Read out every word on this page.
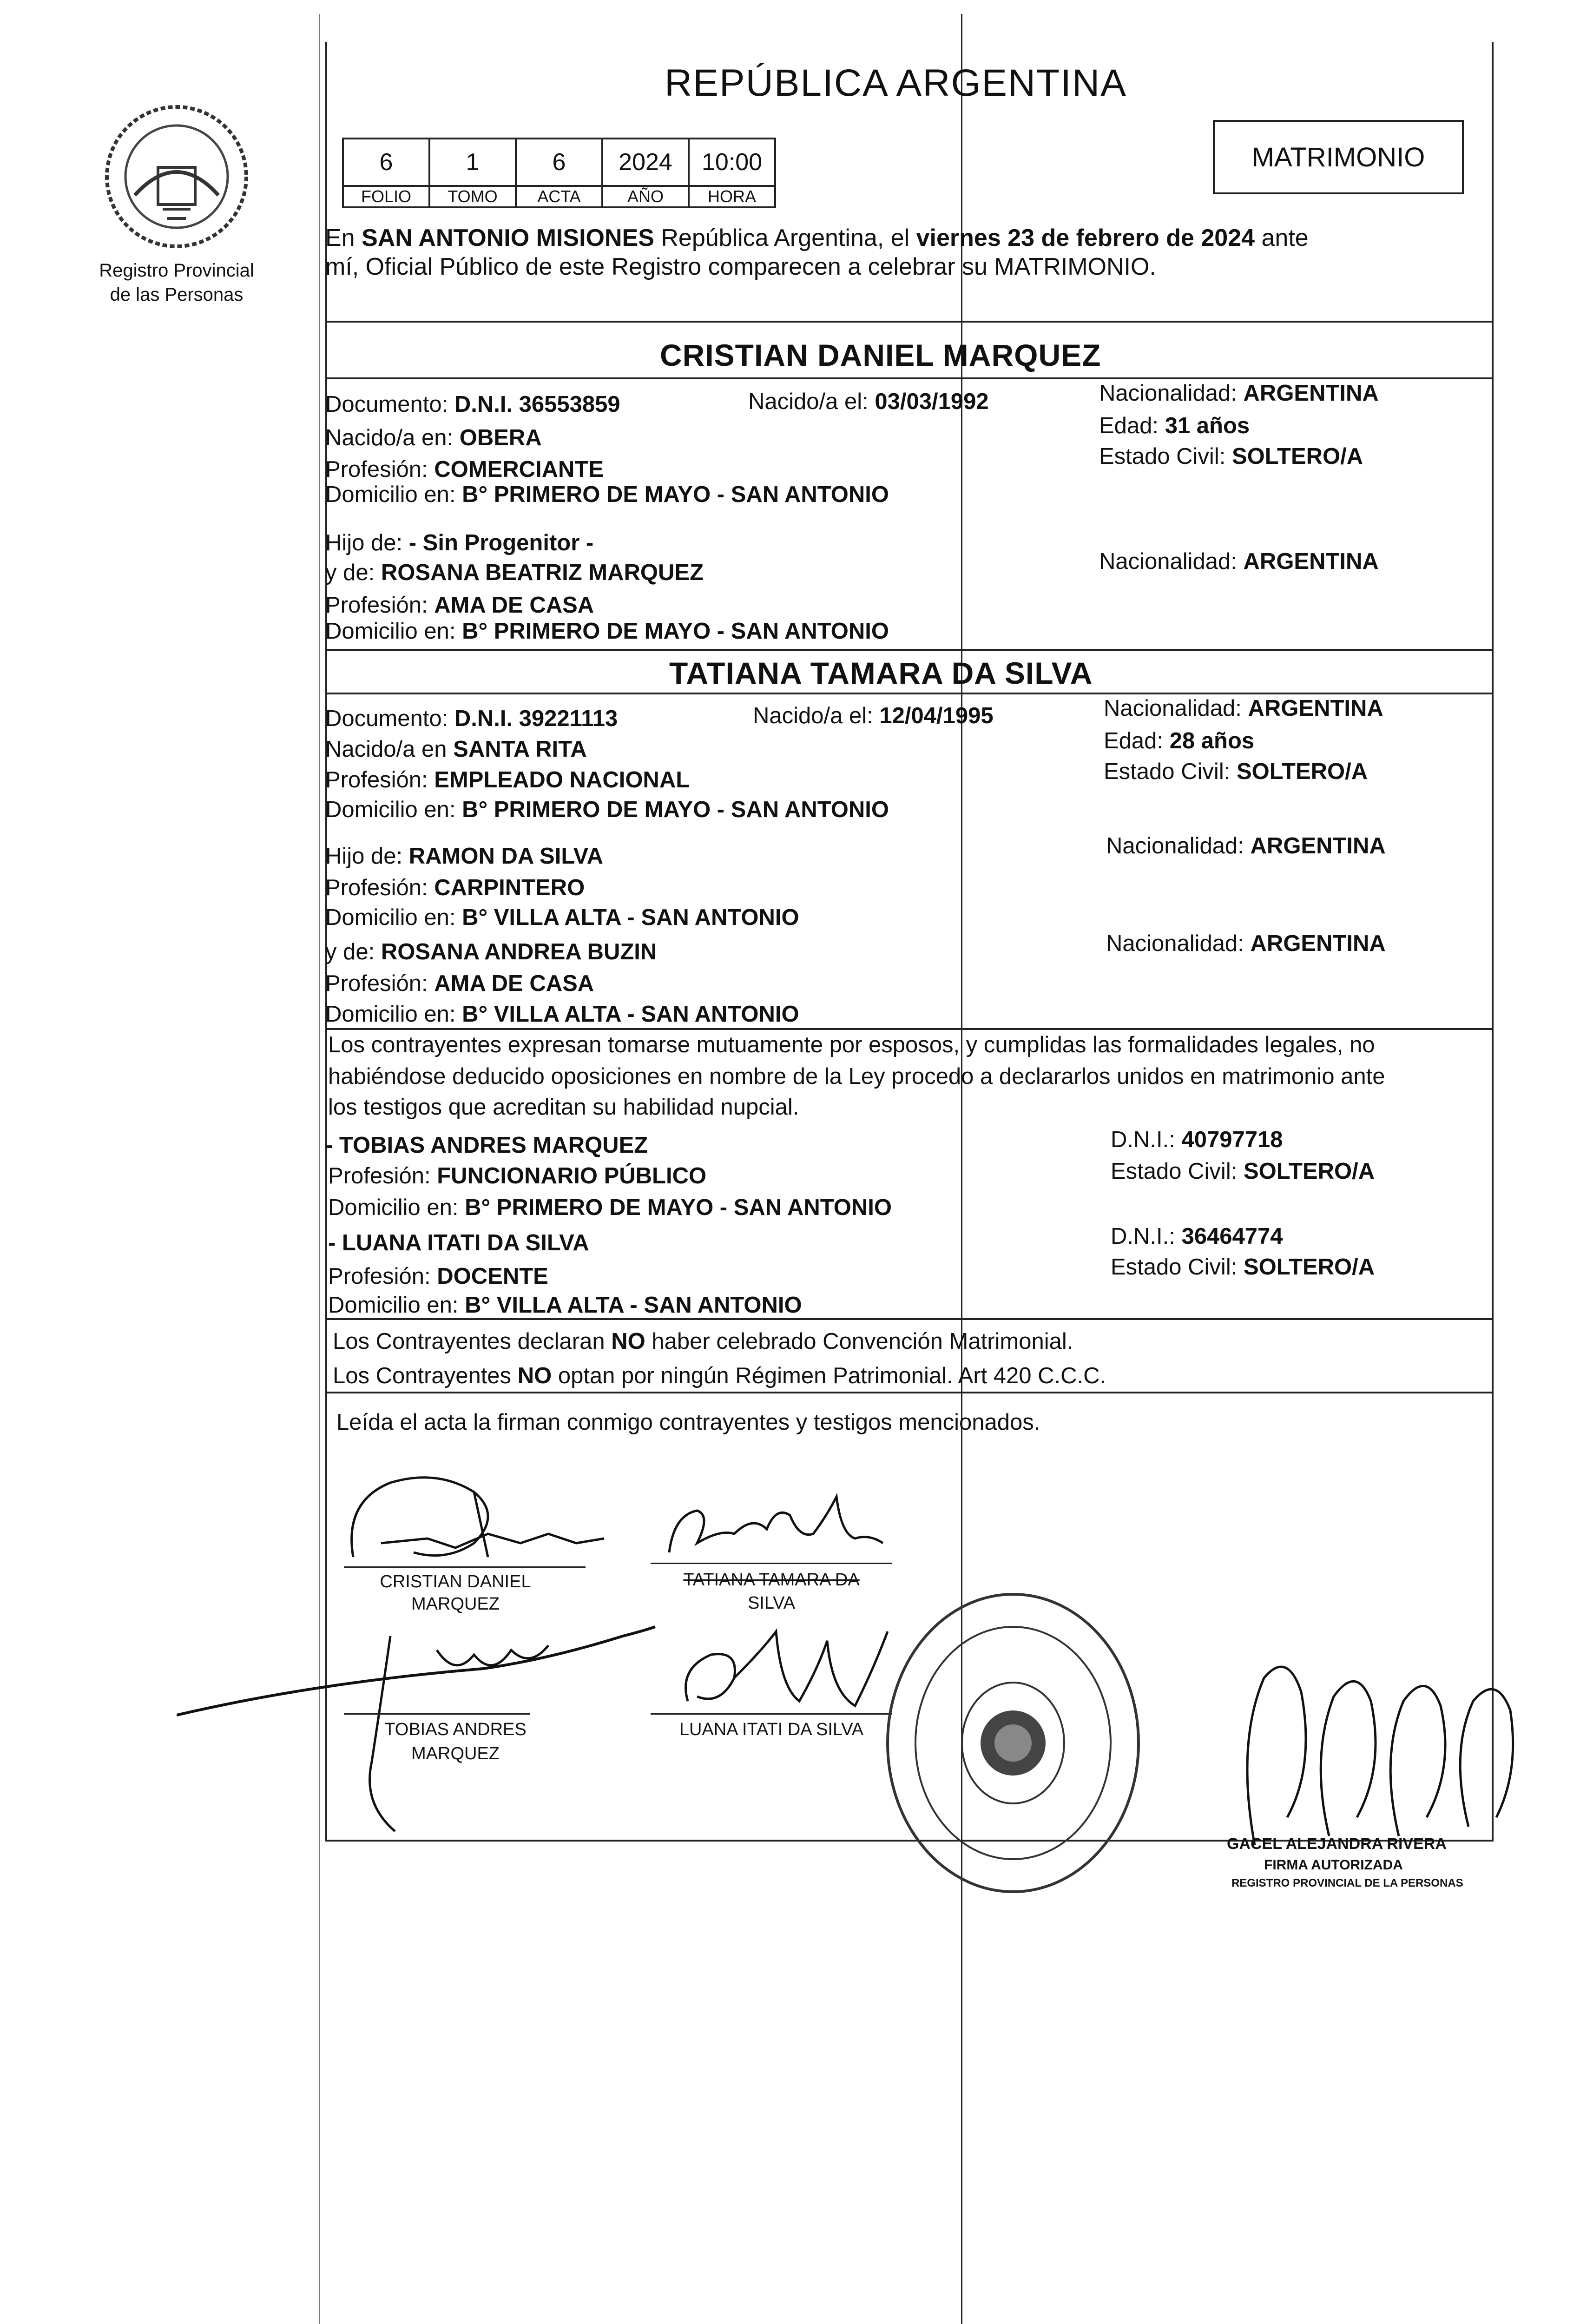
Registro Provincial
de las Personas
REPÚBLICA ARGENTINA
MATRIMONIO
6	1	6	2024	10:00
FOLIO	TOMO	ACTA	AÑO	HORA
En SAN ANTONIO MISIONES República Argentina, el viernes 23 de febrero de 2024 ante
mí, Oficial Público de este Registro comparecen a celebrar su MATRIMONIO.
CRISTIAN DANIEL MARQUEZ
Documento: D.N.I. 36553859	Nacido/a el: 03/03/1992	Nacionalidad: ARGENTINA
Edad: 31 años
Estado Civil: SOLTERO/A
Nacido/a en: OBERA
Profesión: COMERCIANTE
Domicilio en: B° PRIMERO DE MAYO - SAN ANTONIO
Hijo de: - Sin Progenitor -
y de: ROSANA BEATRIZ MARQUEZ	Nacionalidad: ARGENTINA
Profesión: AMA DE CASA
Domicilio en: B° PRIMERO DE MAYO - SAN ANTONIO
TATIANA TAMARA DA SILVA
Documento: D.N.I. 39221113	Nacido/a el: 12/04/1995	Nacionalidad: ARGENTINA
Edad: 28 años
Estado Civil: SOLTERO/A
Nacido/a en SANTA RITA
Profesión: EMPLEADO NACIONAL
Domicilio en: B° PRIMERO DE MAYO - SAN ANTONIO
Hijo de: RAMON DA SILVA	Nacionalidad: ARGENTINA
Profesión: CARPINTERO
Domicilio en: B° VILLA ALTA - SAN ANTONIO
y de: ROSANA ANDREA BUZIN	Nacionalidad: ARGENTINA
Profesión: AMA DE CASA
Domicilio en: B° VILLA ALTA - SAN ANTONIO
Los contrayentes expresan tomarse mutuamente por esposos, y cumplidas las formalidades legales, no
habiéndose deducido oposiciones en nombre de la Ley procedo a declararlos unidos en matrimonio ante
los testigos que acreditan su habilidad nupcial.
- TOBIAS ANDRES MARQUEZ
Profesión: FUNCIONARIO PÚBLICO
Domicilio en: B° PRIMERO DE MAYO - SAN ANTONIO
D.N.I.: 40797718
Estado Civil: SOLTERO/A
- LUANA ITATI DA SILVA
Profesión: DOCENTE
Domicilio en: B° VILLA ALTA - SAN ANTONIO
D.N.I.: 36464774
Estado Civil: SOLTERO/A
Los Contrayentes declaran NO haber celebrado Convención Matrimonial.
Los Contrayentes NO optan por ningún Régimen Patrimonial. Art 420 C.C.C.
Leída el acta la firman conmigo contrayentes y testigos mencionados.
CRISTIAN DANIEL
MARQUEZ
TATIANA TAMARA DA
SILVA
TOBIAS ANDRES
MARQUEZ
LUANA ITATI DA SILVA
GACEL ALEJANDRA RIVERA
FIRMA AUTORIZADA
REGISTRO PROVINCIAL DE LA PERSONAS
